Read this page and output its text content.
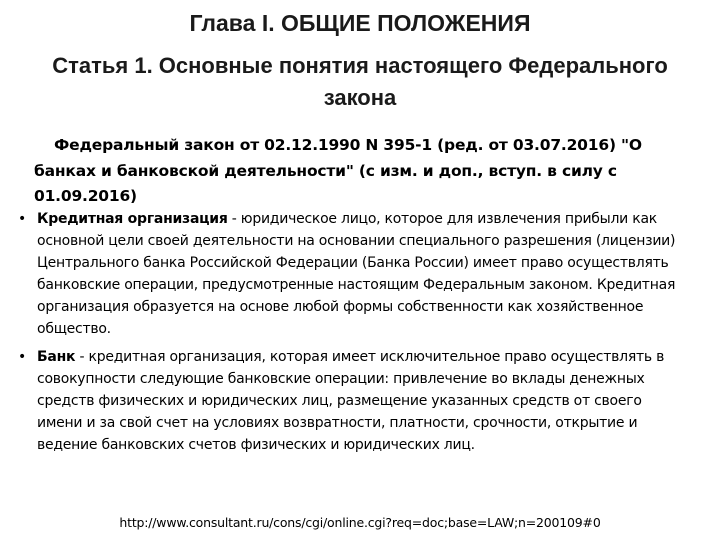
Глава I. ОБЩИЕ ПОЛОЖЕНИЯ
Статья 1. Основные понятия настоящего Федерального закона

Федеральный закон от 02.12.1990 N 395-1 (ред. от 03.07.2016) "О банках и банковской деятельности" (с изм. и доп., вступ. в силу с 01.09.2016)

• Кредитная организация - юридическое лицо, которое для извлечения прибыли как основной цели своей деятельности на основании специального разрешения (лицензии) Центрального банка Российской Федерации (Банка России) имеет право осуществлять банковские операции, предусмотренные настоящим Федеральным законом. Кредитная организация образуется на основе любой формы собственности как хозяйственное общество.
• Банк - кредитная организация, которая имеет исключительное право осуществлять в совокупности следующие банковские операции: привлечение во вклады денежных средств физических и юридических лиц, размещение указанных средств от своего имени и за свой счет на условиях возвратности, платности, срочности, открытие и ведение банковских счетов физических и юридических лиц.
http://www.consultant.ru/cons/cgi/online.cgi?req=doc;base=LAW;n=200109#0
